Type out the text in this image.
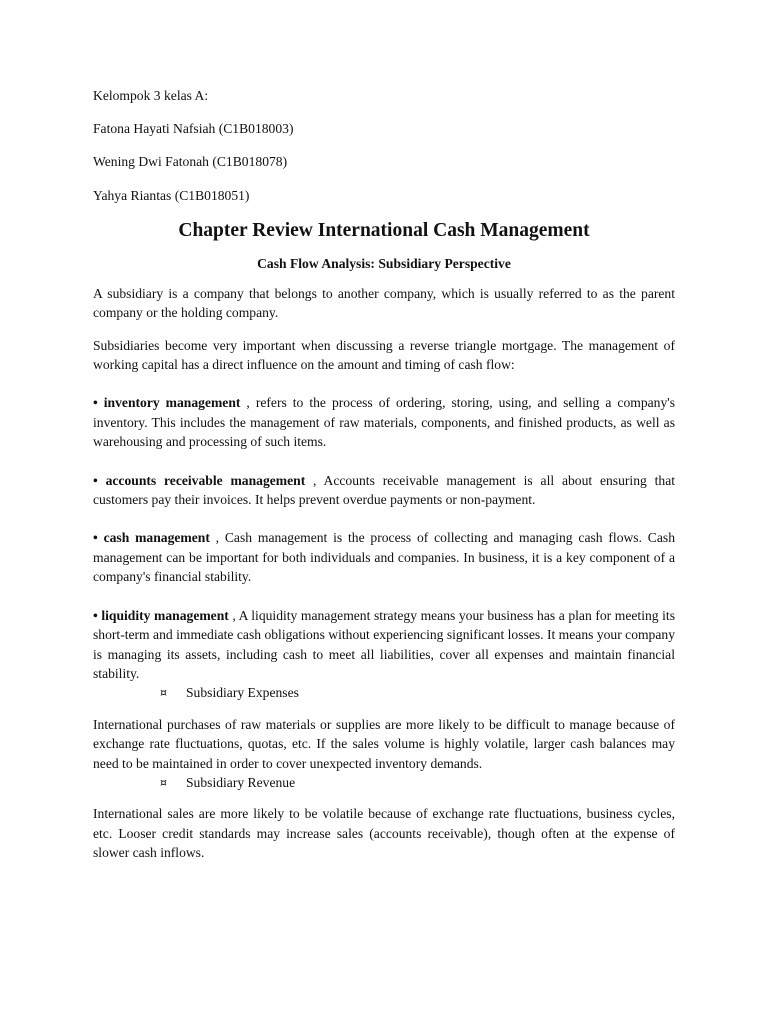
Kelompok 3 kelas A:

Fatona Hayati Nafsiah (C1B018003)

Wening Dwi Fatonah (C1B018078)

Yahya Riantas (C1B018051)

Chapter Review International Cash Management
Cash Flow Analysis: Subsidiary Perspective

A subsidiary is a company that belongs to another company, which is usually referred to as the parent company or the holding company.

Subsidiaries become very important when discussing a reverse triangle mortgage. The management of working capital has a direct influence on the amount and timing of cash flow:

• inventory management , refers to the process of ordering, storing, using, and selling a company's inventory. This includes the management of raw materials, components, and finished products, as well as warehousing and processing of such items.

• accounts receivable management , Accounts receivable management is all about ensuring that customers pay their invoices. It helps prevent overdue payments or non-payment.

• cash management , Cash management is the process of collecting and managing cash flows. Cash management can be important for both individuals and companies. In business, it is a key component of a company's financial stability.

• liquidity management , A liquidity management strategy means your business has a plan for meeting its short-term and immediate cash obligations without experiencing significant losses. It means your company is managing its assets, including cash to meet all liabilities, cover all expenses and maintain financial stability.

¤	Subsidiary Expenses

International purchases of raw materials or supplies are more likely to be difficult to manage because of exchange rate fluctuations, quotas, etc. If the sales volume is highly volatile, larger cash balances may need to be maintained in order to cover unexpected inventory demands.

¤	Subsidiary Revenue

International sales are more likely to be volatile because of exchange rate fluctuations, business cycles, etc. Looser credit standards may increase sales (accounts receivable), though often at the expense of slower cash inflows.
